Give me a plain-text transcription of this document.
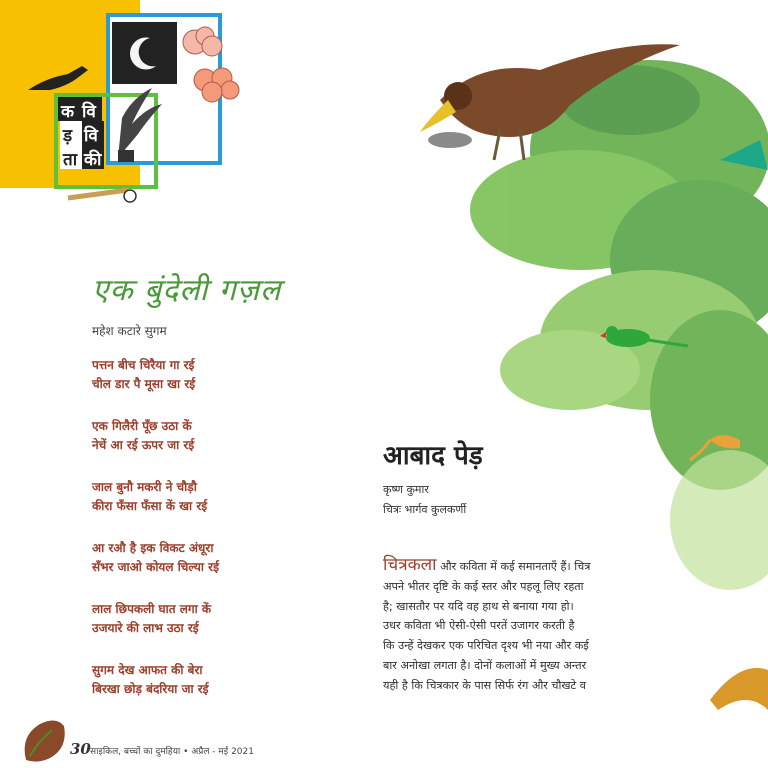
क वि
ड़ वि
ता की
एक बुंदेली गज़ल
महेश कटारे सुगम
पत्तन बीच चिरैया गा रई
चील डार पै मूसा खा रई
एक गिलैरी पूँछ उठा कें
नेचें आ रई ऊपर जा रई
जाल बुनौ मकरी ने चौड़ौ
कीरा फँसा फँसा कें खा रई
आ रऔ है इक विकट अंधूरा
सँभर जाओ कोयल चिल्या रई
लाल छिपकली घात लगा कें
उजयारे की लाभ उठा रई
सुगम देख आफत की बेरा
बिरखा छोड़ बंदरिया जा रई
30 साइकिल, बच्चों का दुमहिया • अप्रैल - मई 2021
आबाद पेड़
कृष्ण कुमार
चित्रः भार्गव कुलकर्णी
चित्रकला और कविता में कई समानताएँ हैं। चित्र
अपने भीतर दृष्टि के कई स्तर और पहलू लिए रहता
है; खासतौर पर यदि वह हाथ से बनाया गया हो।
उधर कविता भी ऐसी-ऐसी परतें उजागर करती है
कि उन्हें देखकर एक परिचित दृश्य भी नया और कई
बार अनोखा लगता है। दोनों कलाओं में मुख्य अन्तर
यही है कि चित्रकार के पास सिर्फ रंग और चौखटे व
